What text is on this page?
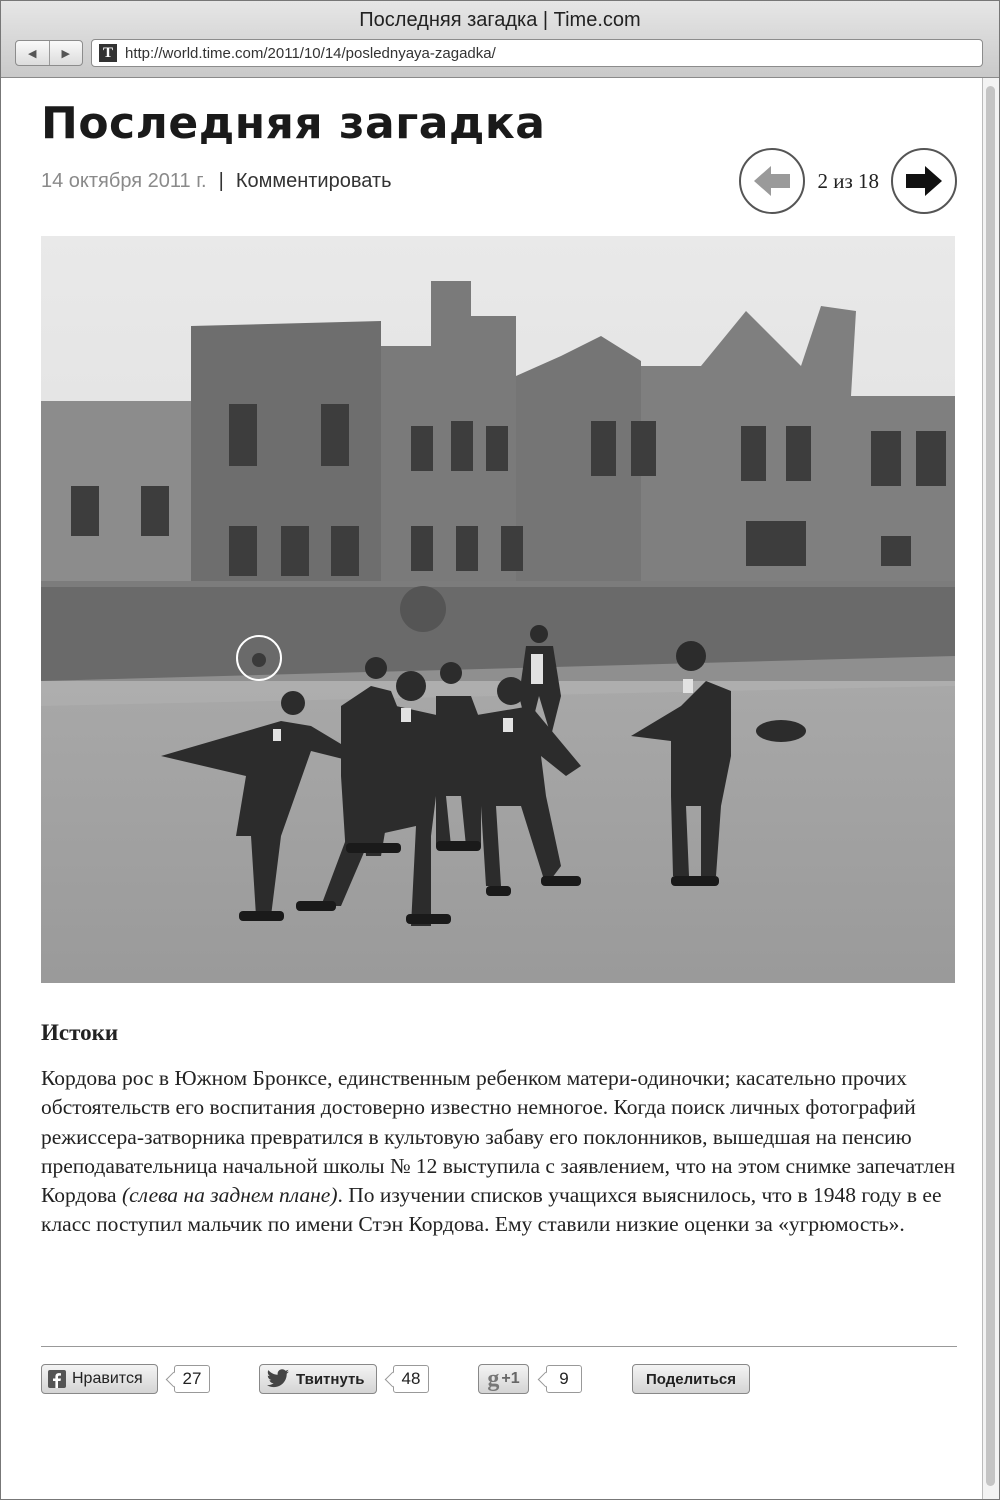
Последняя загадка | Time.com
◀	▶	T http://world.time.com/2011/10/14/poslednyaya-zagadka/
Последняя загадка
14 октября 2011 г. | Комментировать	2 из 18
Истоки

Кордова рос в Южном Бронксе, единственным ребенком матери-одиночки; касательно прочих обстоятельств его воспитания достоверно известно немногое. Когда поиск личных фотографий режиссера-затворника превратился в культовую забаву его поклонников, вышедшая на пенсию преподавательница начальной школы № 12 выступила с заявлением, что на этом снимке запечатлен Кордова (слева на заднем плане). По изучении списков учащихся выяснилось, что в 1948 году в ее класс поступил мальчик по имени Стэн Кордова. Ему ставили низкие оценки за «угрюмость».

Нравится 27	Твитнуть 48	g +1 9	Поделиться
